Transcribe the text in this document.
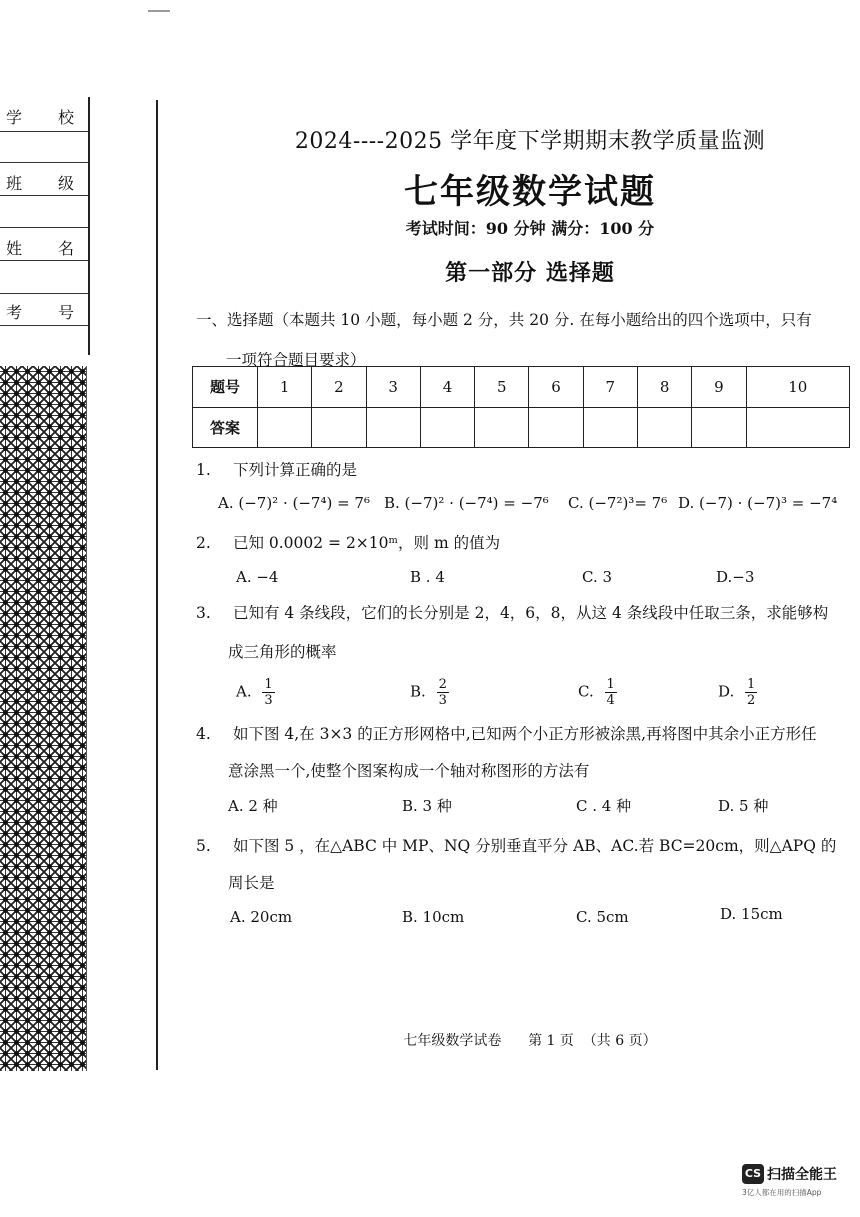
学 校
班 级
姓 名
考 号
2024----2025 学年度下学期期末教学质量监测
七年级数学试题
考试时间：90 分钟 满分：100 分
第一部分 选择题
一、选择题（本题共 10 小题，每小题 2 分，共 20 分. 在每小题给出的四个选项中，只有
一项符合题目要求）
题号	1	2	3	4	5	6	7	8	9	10
答案										
1. 下列计算正确的是
A. (−7)² · (−7⁴) = 7⁶ B. (−7)² · (−7⁴) = −7⁶ C. (−7²)³= 7⁶ D. (−7) · (−7)³ = −7⁴
2. 已知 0.0002 = 2×10ᵐ，则 m 的值为
A. −4	B . 4	C. 3	D.−3
3. 已知有 4 条线段，它们的长分别是 2，4，6，8，从这 4 条线段中任取三条，求能够构
成三角形的概率
A. $\frac{1}{3}$	B. $\frac{2}{3}$	C. $\frac{1}{4}$	D. $\frac{1}{2}$
4. 如下图 4,在 3×3 的正方形网格中,已知两个小正方形被涂黑,再将图中其余小正方形任
意涂黑一个,使整个图案构成一个轴对称图形的方法有
A. 2 种	B. 3 种	C . 4 种	D. 5 种
5. 如下图 5 ，在△ABC 中 MP、NQ 分别垂直平分 AB、AC.若 BC=20cm，则△APQ 的
周长是
A. 20cm	B. 10cm	C. 5cm	D. 15cm
七年级数学试卷      第 1 页  （共 6 页）
CS 扫描全能王
3亿人都在用的扫描App
